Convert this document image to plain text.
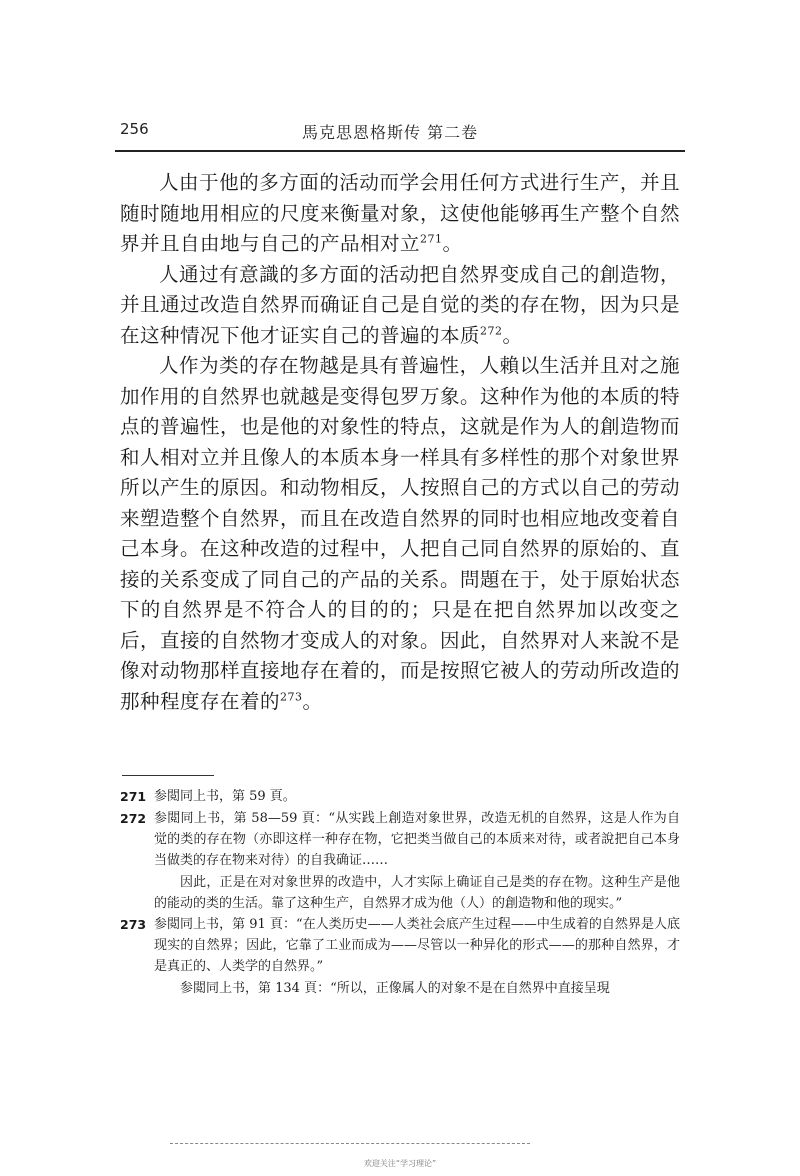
256	馬克思恩格斯传 第二卷

人由于他的多方面的活动而学会用任何方式进行生产，并且随时随地用相应的尺度来衡量对象，这使他能够再生产整个自然界并且自由地与自己的产品相对立$^{271}$。

人通过有意識的多方面的活动把自然界变成自己的創造物，并且通过改造自然界而确证自己是自觉的类的存在物，因为只是在这种情况下他才证实自己的普遍的本质$^{272}$。

人作为类的存在物越是具有普遍性，人賴以生活并且对之施加作用的自然界也就越是变得包罗万象。这种作为他的本质的特点的普遍性，也是他的对象性的特点，这就是作为人的創造物而和人相对立并且像人的本质本身一样具有多样性的那个对象世界所以产生的原因。和动物相反，人按照自己的方式以自己的劳动来塑造整个自然界，而且在改造自然界的同时也相应地改变着自己本身。在这种改造的过程中，人把自己同自然界的原始的、直接的关系变成了同自己的产品的关系。問題在于，处于原始状态下的自然界是不符合人的目的的；只是在把自然界加以改变之后，直接的自然物才变成人的对象。因此，自然界对人来說不是像对动物那样直接地存在着的，而是按照它被人的劳动所改造的那种程度存在着的$^{273}$。

271 参閲同上书，第 59 頁。
272 参閲同上书，第 58—59 頁：“从实践上創造对象世界，改造无机的自然界，这是人作为自觉的类的存在物（亦即这样一种存在物，它把类当做自己的本质来对待，或者說把自己本身当做类的存在物来对待）的自我确证……

因此，正是在对对象世界的改造中，人才实际上确证自己是类的存在物。这种生产是他的能动的类的生活。靠了这种生产，自然界才成为他（人）的創造物和他的现实。”

273 参閲同上书，第 91 頁：“在人类历史——人类社会底产生过程——中生成着的自然界是人底现实的自然界；因此，它靠了工业而成为——尽管以一种异化的形式——的那种自然界，才是真正的、人类学的自然界。”

参閲同上书，第 134 頁：“所以，正像属人的对象不是在自然界中直接呈現

欢迎关注“学习理论”
